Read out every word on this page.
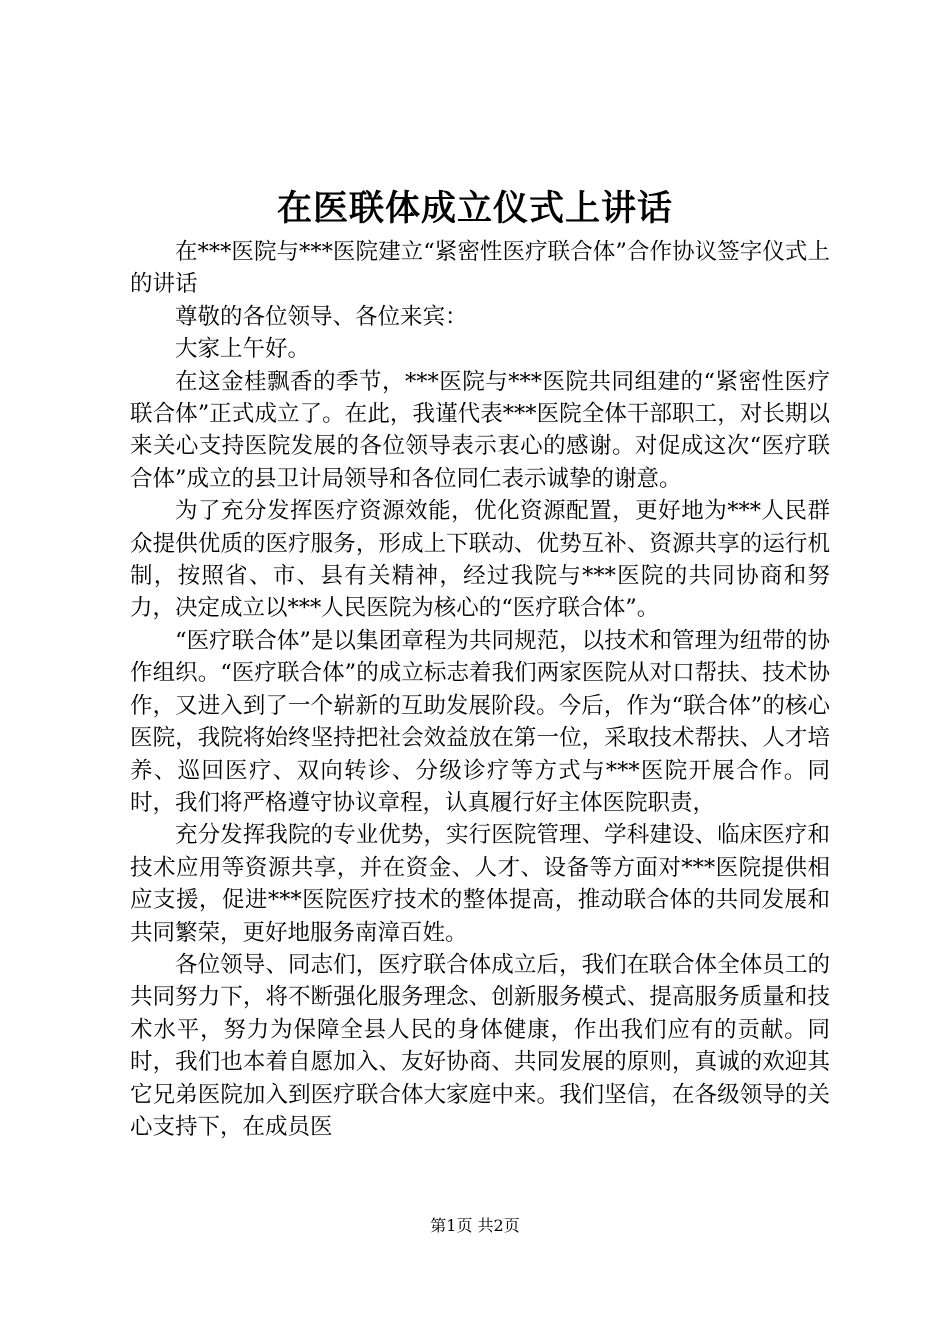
在医联体成立仪式上讲话

在***医院与***医院建立“紧密性医疗联合体”合作协议签字仪式上的讲话

尊敬的各位领导、各位来宾：

大家上午好。

在这金桂飘香的季节，***医院与***医院共同组建的“紧密性医疗联合体”正式成立了。在此，我谨代表***医院全体干部职工，对长期以来关心支持医院发展的各位领导表示衷心的感谢。对促成这次“医疗联合体”成立的县卫计局领导和各位同仁表示诚挚的谢意。

为了充分发挥医疗资源效能，优化资源配置，更好地为***人民群众提供优质的医疗服务，形成上下联动、优势互补、资源共享的运行机制，按照省、市、县有关精神，经过我院与***医院的共同协商和努力，决定成立以***人民医院为核心的“医疗联合体”。

“医疗联合体”是以集团章程为共同规范，以技术和管理为纽带的协作组织。“医疗联合体”的成立标志着我们两家医院从对口帮扶、技术协作，又进入到了一个崭新的互助发展阶段。今后，作为“联合体”的核心医院，我院将始终坚持把社会效益放在第一位，采取技术帮扶、人才培养、巡回医疗、双向转诊、分级诊疗等方式与***医院开展合作。同时，我们将严格遵守协议章程，认真履行好主体医院职责，

充分发挥我院的专业优势，实行医院管理、学科建设、临床医疗和技术应用等资源共享，并在资金、人才、设备等方面对***医院提供相应支援，促进***医院医疗技术的整体提高，推动联合体的共同发展和共同繁荣，更好地服务南漳百姓。

各位领导、同志们，医疗联合体成立后，我们在联合体全体员工的共同努力下，将不断强化服务理念、创新服务模式、提高服务质量和技术水平，努力为保障全县人民的身体健康，作出我们应有的贡献。同时，我们也本着自愿加入、友好协商、共同发展的原则，真诚的欢迎其它兄弟医院加入到医疗联合体大家庭中来。我们坚信，在各级领导的关心支持下，在成员医

第1页 共2页
